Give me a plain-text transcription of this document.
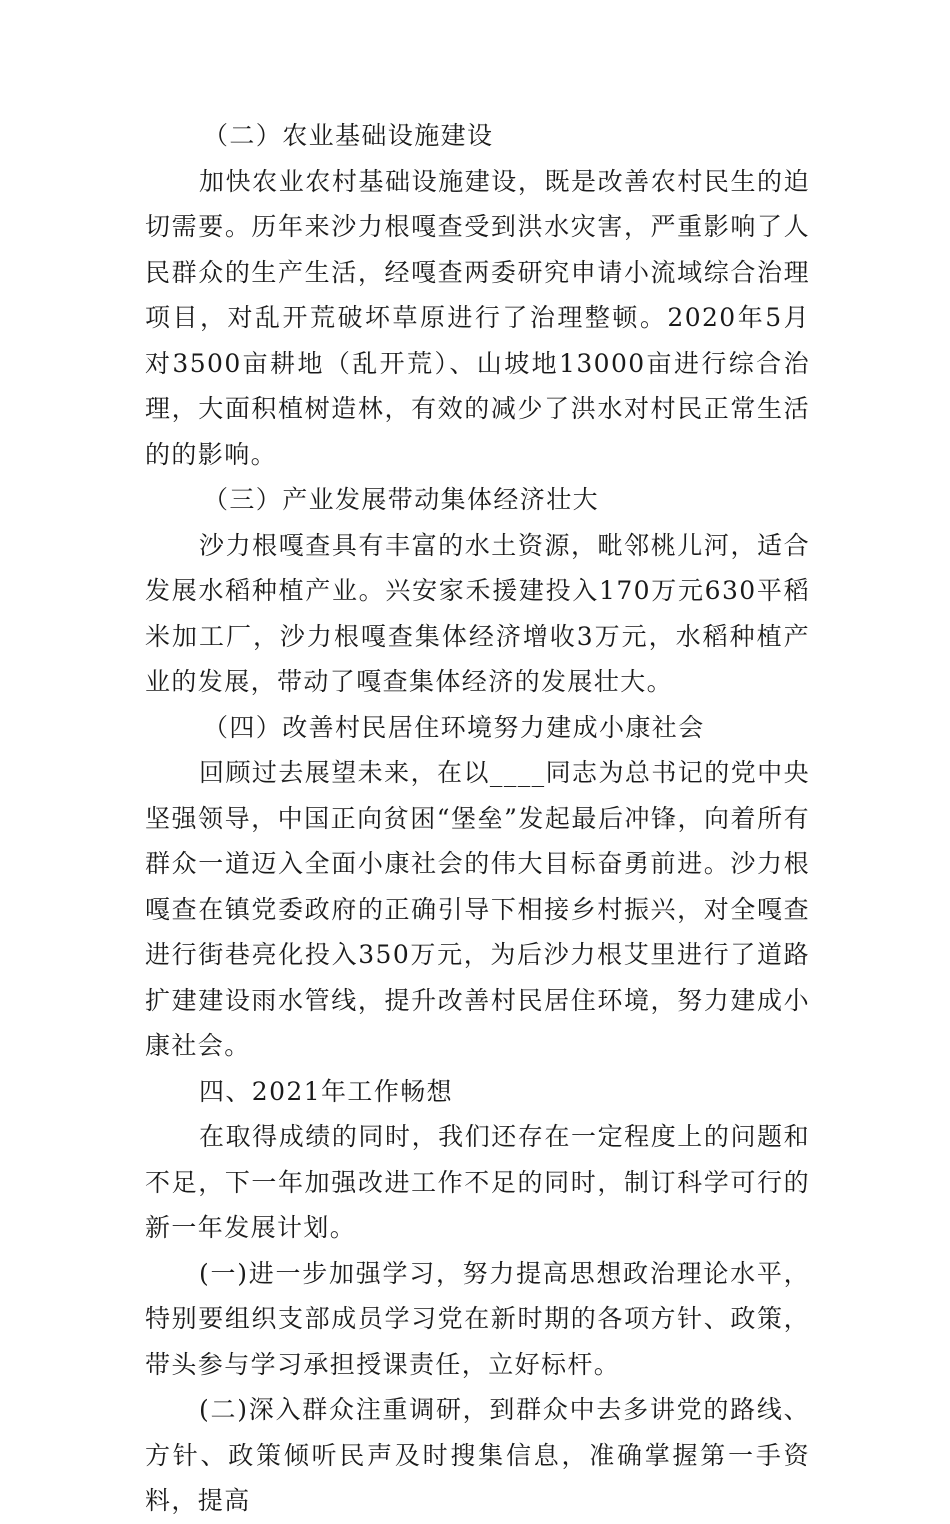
（二）农业基础设施建设

加快农业农村基础设施建设，既是改善农村民生的迫切需要。历年来沙力根嘎查受到洪水灾害，严重影响了人民群众的生产生活，经嘎查两委研究申请小流域综合治理项目，对乱开荒破坏草原进行了治理整顿。2020年5月对3500亩耕地（乱开荒）、山坡地13000亩进行综合治理，大面积植树造林，有效的减少了洪水对村民正常生活的的影响。

（三）产业发展带动集体经济壮大

沙力根嘎查具有丰富的水土资源，毗邻桃儿河，适合发展水稻种植产业。兴安家禾援建投入170万元630平稻米加工厂，沙力根嘎查集体经济增收3万元，水稻种植产业的发展，带动了嘎查集体经济的发展壮大。

（四）改善村民居住环境努力建成小康社会

回顾过去展望未来，在以____同志为总书记的党中央坚强领导，中国正向贫困“堡垒”发起最后冲锋，向着所有群众一道迈入全面小康社会的伟大目标奋勇前进。沙力根嘎查在镇党委政府的正确引导下相接乡村振兴，对全嘎查进行街巷亮化投入350万元，为后沙力根艾里进行了道路扩建建设雨水管线，提升改善村民居住环境，努力建成小康社会。

四、2021年工作畅想

在取得成绩的同时，我们还存在一定程度上的问题和不足，下一年加强改进工作不足的同时，制订科学可行的新一年发展计划。

(一)进一步加强学习，努力提高思想政治理论水平，特别要组织支部成员学习党在新时期的各项方针、政策，带头参与学习承担授课责任，立好标杆。

(二)深入群众注重调研，到群众中去多讲党的路线、方针、政策倾听民声及时搜集信息，准确掌握第一手资料，提高
